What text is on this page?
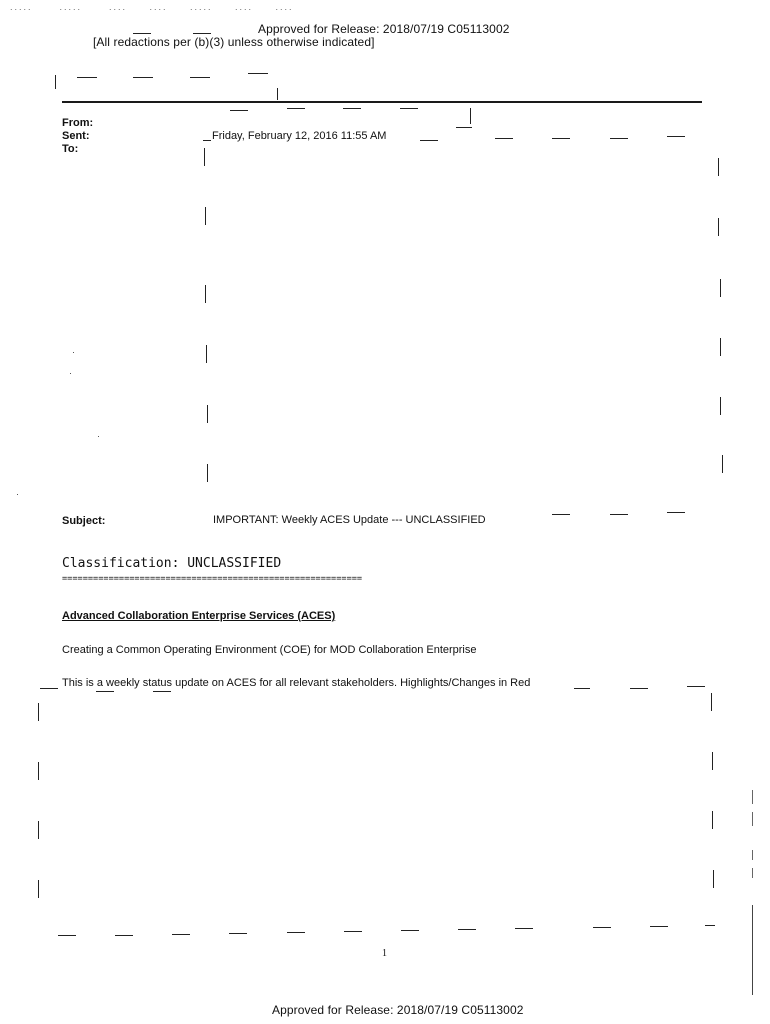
.....      .....      ....     ....     .....     ....     ....
Approved for Release: 2018/07/19 C05113002
[All redactions per (b)(3) unless otherwise indicated]
From:
Sent:
To:
Friday, February 12, 2016 11:55 AM
Subject:	IMPORTANT: Weekly ACES Update --- UNCLASSIFIED
Classification: UNCLASSIFIED
==========================================================
Advanced Collaboration Enterprise Services (ACES)
Creating a Common Operating Environment (COE) for MOD Collaboration Enterprise
This is a weekly status update on ACES for all relevant stakeholders. Highlights/Changes in Red
1
Approved for Release: 2018/07/19 C05113002
